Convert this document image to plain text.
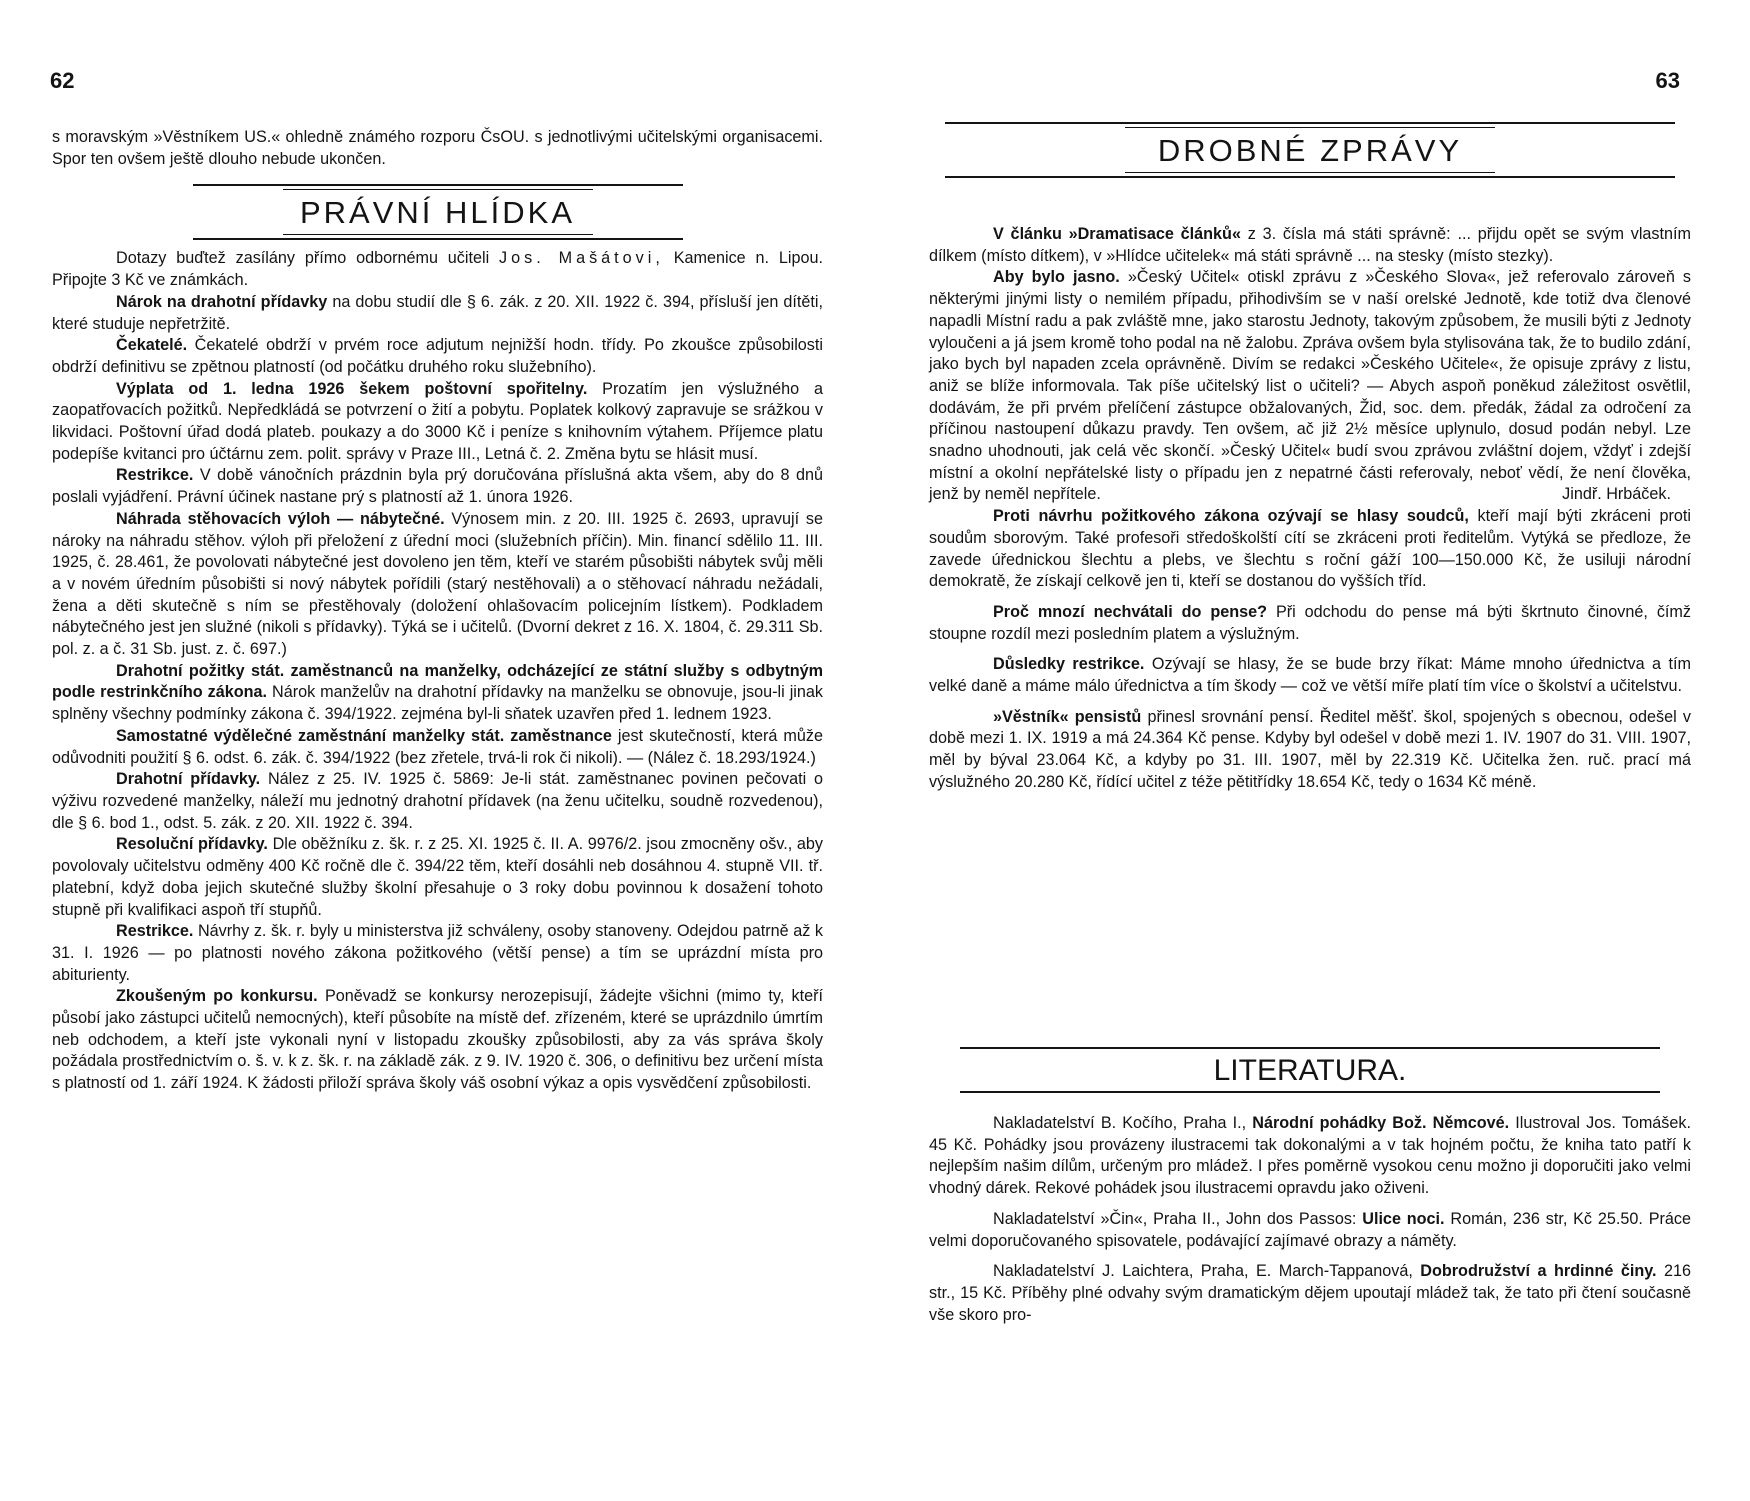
62

s moravským »Věstníkem US.« ohledně známého rozporu ČsOU. s jednotlivými učitelskými organisacemi. Spor ten ovšem ještě dlouho nebude ukončen.

PRÁVNÍ HLÍDKA

Dotazy buďtež zasílány přímo odbornému učiteli Jos. Mašátovi, Kamenice n. Lipou. Připojte 3 Kč ve známkách.

Nárok na drahotní přídavky na dobu studií dle § 6. zák. z 20. XII. 1922 č. 394, přísluší jen dítěti, které studuje nepřetržitě.

Čekatelé. Čekatelé obdrží v prvém roce adjutum nejnižší hodn. třídy. Po zkoušce způsobilosti obdrží definitivu se zpětnou platností (od počátku druhého roku služebního).

Výplata od 1. ledna 1926 šekem poštovní spořitelny. Prozatím jen výslužného a zaopatřovacích požitků. Nepředkládá se potvrzení o žití a pobytu. Poplatek kolkový zapravuje se srážkou v likvidaci. Poštovní úřad dodá plateb. poukazy a do 3000 Kč i peníze s knihovním výtahem. Příjemce platu podepíše kvitanci pro účtárnu zem. polit. správy v Praze III., Letná č. 2. Změna bytu se hlásit musí.

Restrikce. V době vánočních prázdnin byla prý doručována příslušná akta všem, aby do 8 dnů poslali vyjádření. Právní účinek nastane prý s platností až 1. února 1926.

Náhrada stěhovacích výloh — nábytečné. Výnosem min. z 20. III. 1925 č. 2693, upravují se nároky na náhradu stěhov. výloh při přeložení z úřední moci (služebních příčin). Min. financí sdělilo 11. III. 1925, č. 28.461, že povolovati nábytečné jest dovoleno jen těm, kteří ve starém působišti nábytek svůj měli a v novém úředním působišti si nový nábytek pořídili (starý nestěhovali) a o stěhovací náhradu nežádali, žena a děti skutečně s ním se přestěhovaly (doložení ohlašovacím policejním lístkem). Podkladem nábytečného jest jen služné (nikoli s přídavky). Týká se i učitelů. (Dvorní dekret z 16. X. 1804, č. 29.311 Sb. pol. z. a č. 31 Sb. just. z. č. 697.)

Drahotní požitky stát. zaměstnanců na manželky, odcházející ze státní služby s odbytným podle restrinkčního zákona. Nárok manželův na drahotní přídavky na manželku se obnovuje, jsou-li jinak splněny všechny podmínky zákona č. 394/1922. zejména byl-li sňatek uzavřen před 1. lednem 1923.

Samostatné výdělečné zaměstnání manželky stát. zaměstnance jest skutečností, která může odůvodniti použití § 6. odst. 6. zák. č. 394/1922 (bez zřetele, trvá-li rok či nikoli). — (Nález č. 18.293/1924.)

Drahotní přídavky. Nález z 25. IV. 1925 č. 5869: Je-li stát. zaměstnanec povinen pečovati o výživu rozvedené manželky, náleží mu jednotný drahotní přídavek (na ženu učitelku, soudně rozvedenou), dle § 6. bod 1., odst. 5. zák. z 20. XII. 1922 č. 394.

Resoluční přídavky. Dle oběžníku z. šk. r. z 25. XI. 1925 č. II. A. 9976/2. jsou zmocněny ošv., aby povolovaly učitelstvu odměny 400 Kč ročně dle č. 394/22 těm, kteří dosáhli neb dosáhnou 4. stupně VII. tř. platební, když doba jejich skutečné služby školní přesahuje o 3 roky dobu povinnou k dosažení tohoto stupně při kvalifikaci aspoň tří stupňů.

Restrikce. Návrhy z. šk. r. byly u ministerstva již schváleny, osoby stanoveny. Odejdou patrně až k 31. I. 1926 — po platnosti nového zákona požitkového (větší pense) a tím se uprázdní místa pro abiturienty.

Zkoušeným po konkursu. Poněvadž se konkursy nerozepisují, žádejte všichni (mimo ty, kteří působí jako zástupci učitelů nemocných), kteří působíte na místě def. zřízeném, které se uprázdnilo úmrtím neb odchodem, a kteří jste vykonali nyní v listopadu zkoušky způsobilosti, aby za vás správa školy požádala prostřednictvím o. š. v. k z. šk. r. na základě zák. z 9. IV. 1920 č. 306, o definitivu bez určení místa s platností od 1. září 1924. K žádosti přiloží správa školy váš osobní výkaz a opis vysvědčení způsobilosti.

63
DROBNÉ ZPRÁVY

V článku »Dramatisace článků« z 3. čísla má státi správně: ... přijdu opět se svým vlastním dílkem (místo dítkem), v »Hlídce učitelek« má státi správně ... na stesky (místo stezky).

Aby bylo jasno. »Český Učitel« otiskl zprávu z »Českého Slova«, jež referovalo zároveň s některými jinými listy o nemilém případu, přihodivším se v naší orelské Jednotě, kde totiž dva členové napadli Místní radu a pak zvláště mne, jako starostu Jednoty, takovým způsobem, že musili býti z Jednoty vyloučeni a já jsem kromě toho podal na ně žalobu. Zpráva ovšem byla stylisována tak, že to budilo zdání, jako bych byl napaden zcela oprávněně. Divím se redakci »Českého Učitele«, že opisuje zprávy z listu, aniž se blíže informovala. Tak píše učitelský list o učiteli? — Abych aspoň poněkud záležitost osvětlil, dodávám, že při prvém přelíčení zástupce obžalovaných, Žid, soc. dem. předák, žádal za odročení za příčinou nastoupení důkazu pravdy. Ten ovšem, ač již 2½ měsíce uplynulo, dosud podán nebyl. Lze snadno uhodnouti, jak celá věc skončí. »Český Učitel« budí svou zprávou zvláštní dojem, vždyť i zdejší místní a okolní nepřátelské listy o případu jen z nepatrné části referovaly, neboť vědí, že není člověka, jenž by neměl nepřítele.	Jindř. Hrbáček.

Proti návrhu požitkového zákona ozývají se hlasy soudců, kteří mají býti zkráceni proti soudům sborovým. Také profesoři středoškolští cítí se zkráceni proti ředitelům. Vytýká se předloze, že zavede úřednickou šlechtu a plebs, ve šlechtu s roční gáží 100—150.000 Kč, že usiluji národní demokratě, že získají celkově jen ti, kteří se dostanou do vyšších tříd.

Proč mnozí nechvátali do pense? Při odchodu do pense má býti škrtnuto činovné, čímž stoupne rozdíl mezi posledním platem a výslužným.

Důsledky restrikce. Ozývají se hlasy, že se bude brzy říkat: Máme mnoho úřednictva a tím velké daně a máme málo úřednictva a tím škody — což ve větší míře platí tím více o školství a učitelstvu.

»Věstník« pensistů přinesl srovnání pensí. Ředitel měšť. škol, spojených s obecnou, odešel v době mezi 1. IX. 1919 a má 24.364 Kč pense. Kdyby byl odešel v době mezi 1. IV. 1907 do 31. VIII. 1907, měl by býval 23.064 Kč, a kdyby po 31. III. 1907, měl by 22.319 Kč. Učitelka žen. ruč. prací má výslužného 20.280 Kč, řídící učitel z téže pětitřídky 18.654 Kč, tedy o 1634 Kč méně.

LITERATURA.

Nakladatelství B. Kočího, Praha I., Národní pohádky Bož. Němcové. Ilustroval Jos. Tomášek. 45 Kč. Pohádky jsou provázeny ilustracemi tak dokonalými a v tak hojném počtu, že kniha tato patří k nejlepším našim dílům, určeným pro mládež. I přes poměrně vysokou cenu možno ji doporučiti jako velmi vhodný dárek. Rekové pohádek jsou ilustracemi opravdu jako oživeni.

Nakladatelství »Čin«, Praha II., John dos Passos: Ulice noci. Román, 236 str, Kč 25.50. Práce velmi doporučovaného spisovatele, podávající zajímavé obrazy a náměty.

Nakladatelství J. Laichtera, Praha, E. March-Tappanová, Dobrodružství a hrdinné činy. 216 str., 15 Kč. Příběhy plné odvahy svým dramatickým dějem upoutají mládež tak, že tato při čtení současně vše skoro pro-
